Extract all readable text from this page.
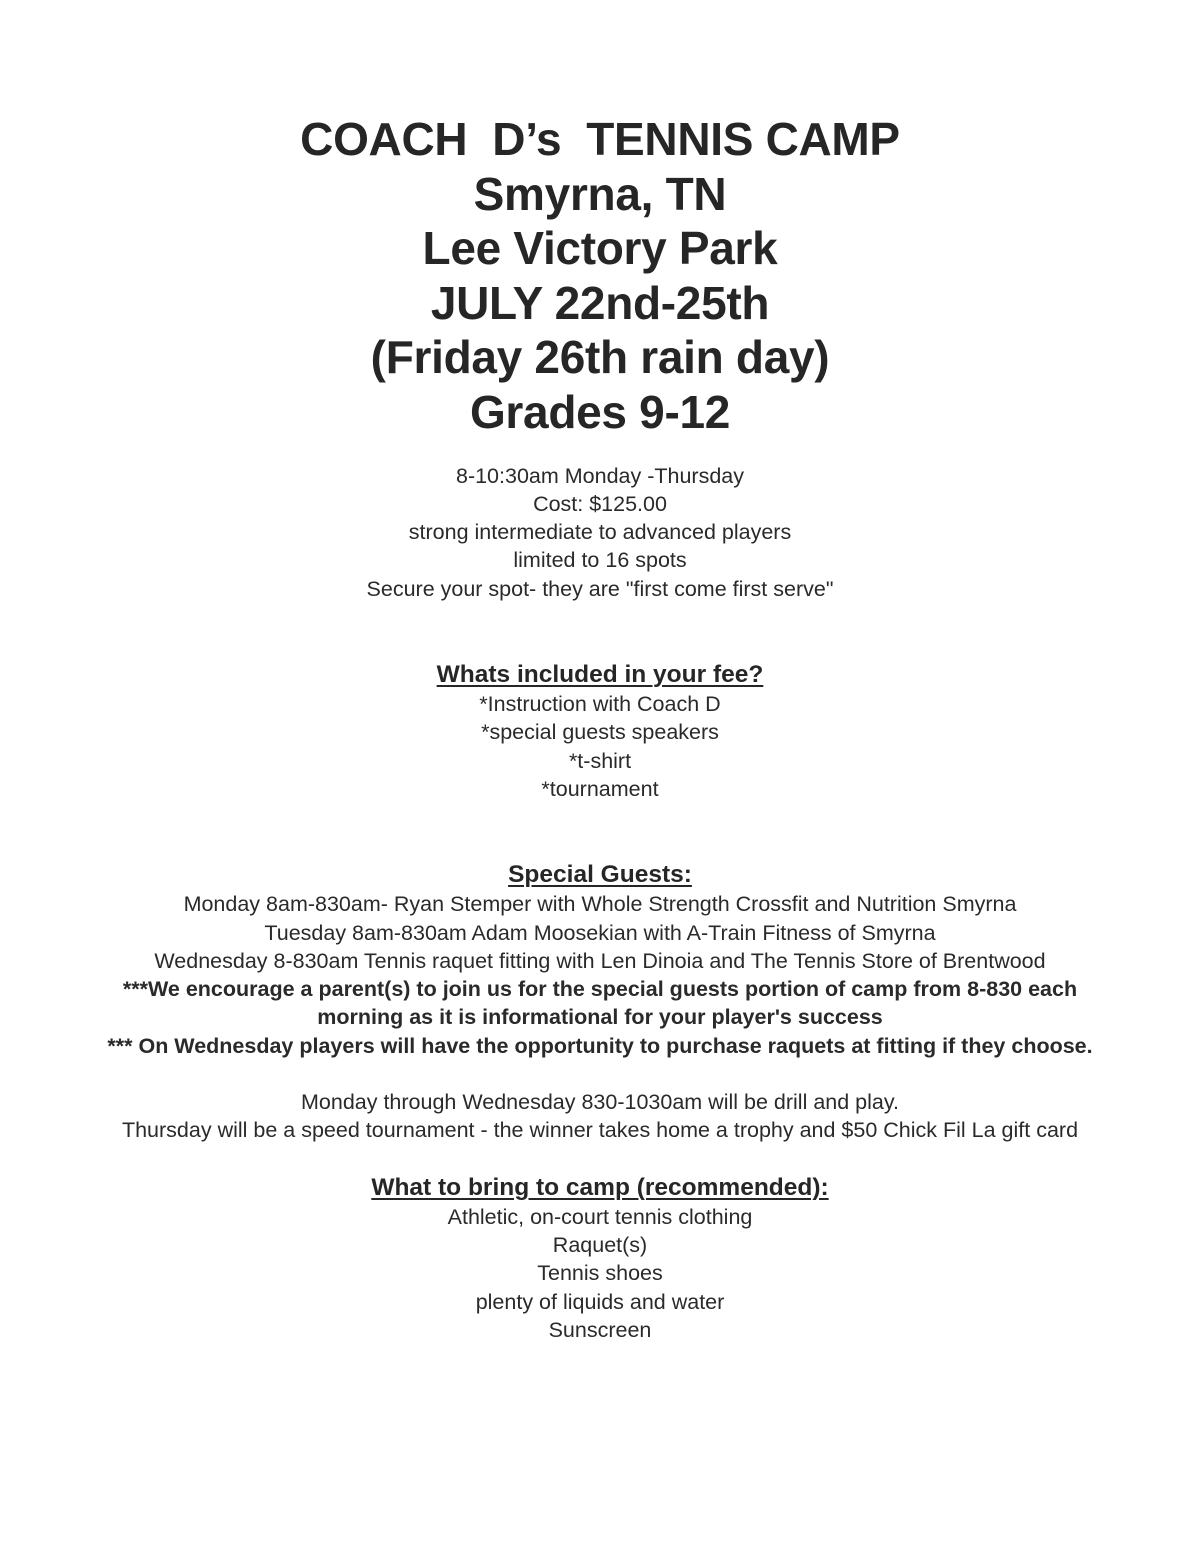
COACH  D’s  TENNIS CAMP
Smyrna, TN
Lee Victory Park
JULY 22nd-25th
(Friday 26th rain day)
Grades 9-12
8-10:30am Monday -Thursday
Cost: $125.00
strong intermediate to advanced players
limited to 16 spots
Secure your spot- they are "first come first serve"
Whats included in your fee?
*Instruction with Coach D
*special guests speakers
*t-shirt
*tournament
Special Guests:
Monday 8am-830am- Ryan Stemper with Whole Strength Crossfit and Nutrition Smyrna
Tuesday 8am-830am Adam Moosekian with A-Train Fitness of Smyrna
Wednesday 8-830am Tennis raquet fitting with Len Dinoia and The Tennis Store of Brentwood
***We encourage a parent(s) to join us for the special guests portion of camp from 8-830 each morning as it is informational for your player's success
*** On Wednesday players will have the opportunity to purchase raquets at fitting if they choose.
Monday through Wednesday 830-1030am will be drill and play.
Thursday will be a speed tournament - the winner takes home a trophy and $50 Chick Fil La gift card
What to bring to camp (recommended):
Athletic, on-court tennis clothing
Raquet(s)
Tennis shoes
plenty of liquids and water
Sunscreen
